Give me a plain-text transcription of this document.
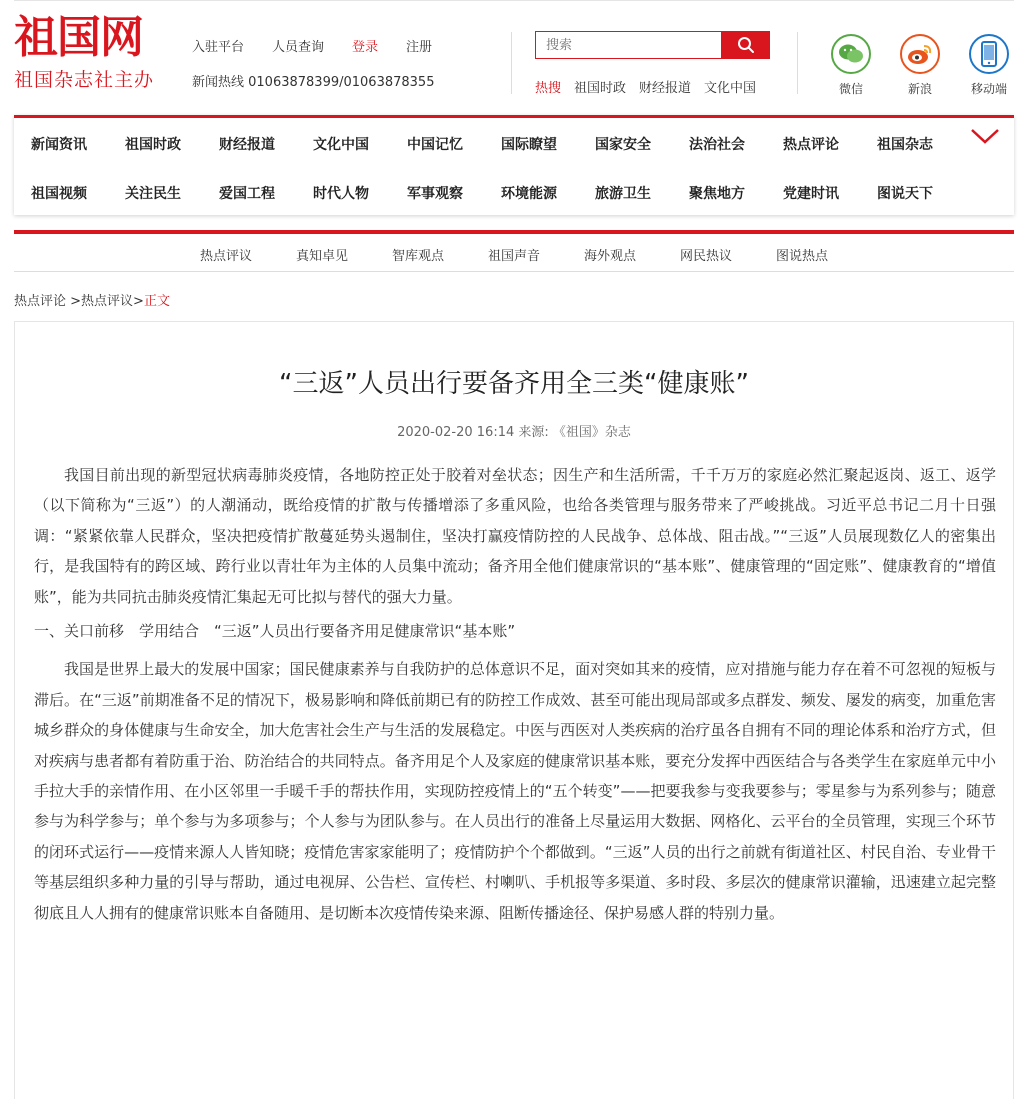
祖国网
祖国杂志社主办
入驻平台 人员查询 登录 注册
新闻热线 01063878399/01063878355
搜索	热搜 祖国时政 财经报道 文化中国	微信	新浪	移动端
新闻资讯	祖国时政	财经报道	文化中国	中国记忆	国际瞭望	国家安全	法治社会	热点评论	祖国杂志
祖国视频	关注民生	爱国工程	时代人物	军事观察	环境能源	旅游卫生	聚焦地方	党建时讯	图说天下
热点评议	真知卓见	智库观点	祖国声音	海外观点	网民热议	图说热点
热点评论 >热点评议>正文
“三返”人员出行要备齐用全三类“健康账”
2020-02-20 16:14 来源: 《祖国》杂志

我国目前出现的新型冠状病毒肺炎疫情，各地防控正处于胶着对垒状态；因生产和生活所需，千千万万的家庭必然汇聚起返岗、返工、返学（以下简称为“三返”）的人潮涌动，既给疫情的扩散与传播增添了多重风险，也给各类管理与服务带来了严峻挑战。习近平总书记二月十日强调：“紧紧依靠人民群众，坚决把疫情扩散蔓延势头遏制住，坚决打赢疫情防控的人民战争、总体战、阻击战。”“三返”人员展现数亿人的密集出行，是我国特有的跨区域、跨行业以青壮年为主体的人员集中流动；备齐用全他们健康常识的“基本账”、健康管理的“固定账”、健康教育的“增值账”，能为共同抗击肺炎疫情汇集起无可比拟与替代的强大力量。

一、关口前移　学用结合　“三返”人员出行要备齐用足健康常识“基本账”

我国是世界上最大的发展中国家；国民健康素养与自我防护的总体意识不足，面对突如其来的疫情，应对措施与能力存在着不可忽视的短板与滞后。在“三返”前期准备不足的情况下，极易影响和降低前期已有的防控工作成效、甚至可能出现局部或多点群发、频发、屡发的病变，加重危害城乡群众的身体健康与生命安全，加大危害社会生产与生活的发展稳定。中医与西医对人类疾病的治疗虽各自拥有不同的理论体系和治疗方式，但对疾病与患者都有着防重于治、防治结合的共同特点。备齐用足个人及家庭的健康常识基本账，要充分发挥中西医结合与各类学生在家庭单元中小手拉大手的亲情作用、在小区邻里一手暖千手的帮扶作用，实现防控疫情上的“五个转变”——把要我参与变我要参与；零星参与为系列参与；随意参与为科学参与；单个参与为多项参与；个人参与为团队参与。在人员出行的准备上尽量运用大数据、网格化、云平台的全员管理，实现三个环节的闭环式运行——疫情来源人人皆知晓；疫情危害家家能明了；疫情防护个个都做到。“三返”人员的出行之前就有街道社区、村民自治、专业骨干等基层组织多种力量的引导与帮助，通过电视屏、公告栏、宣传栏、村喇叭、手机报等多渠道、多时段、多层次的健康常识灌输，迅速建立起完整彻底且人人拥有的健康常识账本自备随用、是切断本次疫情传染来源、阻断传播途径、保护易感人群的特别力量。
